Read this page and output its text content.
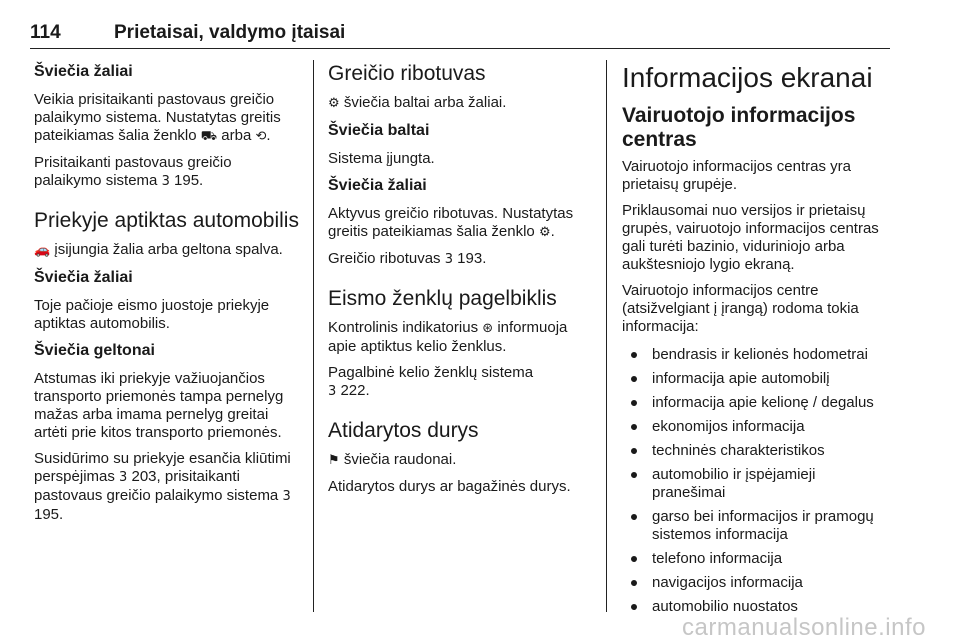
114	Prietaisai, valdymo įtaisai
Šviečia žaliai

Veikia prisitaikanti pastovaus greičio palaikymo sistema. Nustatytas greitis pateikiamas šalia ženklo ⛟ arba ⟲.

Prisitaikanti pastovaus greičio palaikymo sistema 3 195.

Priekyje aptiktas automobilis

🚗 įsijungia žalia arba geltona spalva.

Šviečia žaliai

Toje pačioje eismo juostoje priekyje aptiktas automobilis.

Šviečia geltonai

Atstumas iki priekyje važiuojančios transporto priemonės tampa pernelyg mažas arba imama pernelyg greitai artėti prie kitos transporto priemonės.

Susidūrimo su priekyje esančia kliūtimi perspėjimas 3 203, prisitaikanti pastovaus greičio palaikymo sistema 3 195.

Greičio ribotuvas

⚙ šviečia baltai arba žaliai.

Šviečia baltai

Sistema įjungta.

Šviečia žaliai

Aktyvus greičio ribotuvas. Nustatytas greitis pateikiamas šalia ženklo ⚙.

Greičio ribotuvas 3 193.

Eismo ženklų pagelbiklis

Kontrolinis indikatorius ⊛ informuoja apie aptiktus kelio ženklus.

Pagalbinė kelio ženklų sistema
3 222.

Atidarytos durys

⚑ šviečia raudonai.

Atidarytos durys ar bagažinės durys.

Informacijos ekranai
Vairuotojo informacijos centras

Vairuotojo informacijos centras yra prietaisų grupėje.

Priklausomai nuo versijos ir prietaisų grupės, vairuotojo informacijos centras gali turėti bazinio, viduriniojo arba aukštesniojo lygio ekraną.

Vairuotojo informacijos centre (atsižvelgiant į įrangą) rodoma tokia informacija:

bendrasis ir kelionės hodometrai
informacija apie automobilį
informacija apie kelionę / degalus
ekonomijos informacija
techninės charakteristikos
automobilio ir įspėjamieji pranešimai
garso bei informacijos ir pramogų sistemos informacija
telefono informacija
navigacijos informacija
automobilio nuostatos
carmanualsonline.info
